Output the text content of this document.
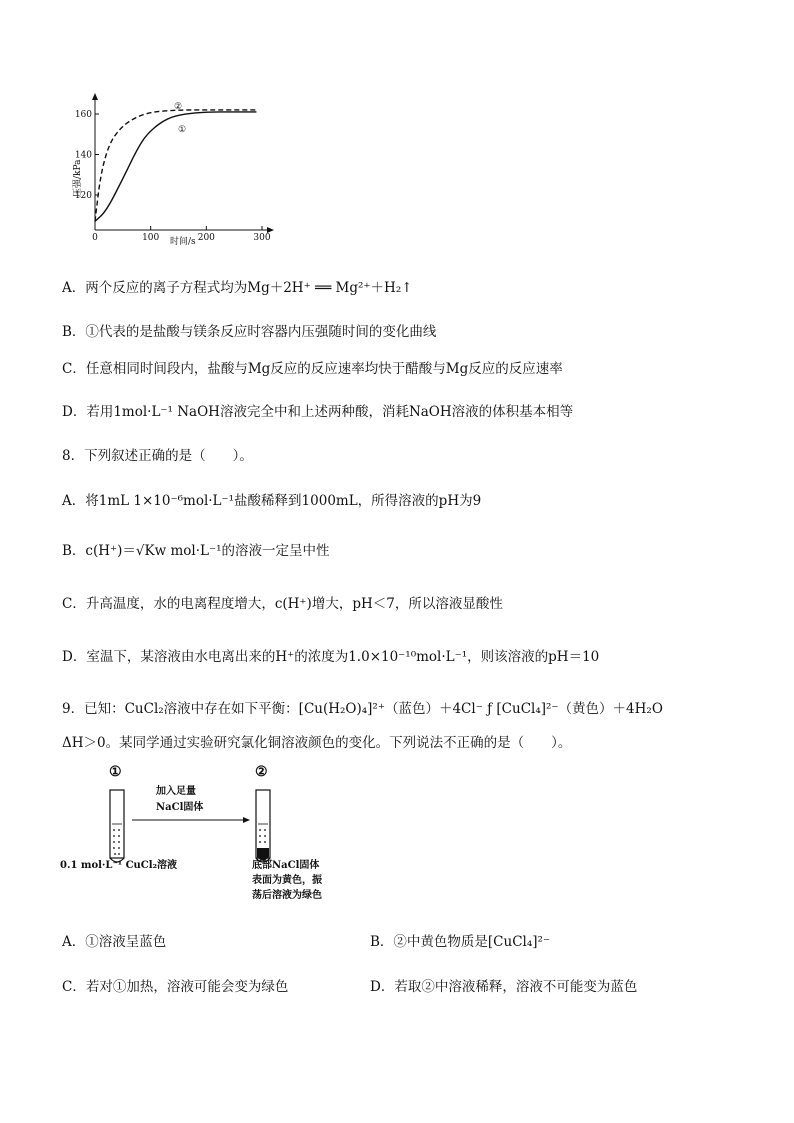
120
140
160
0	100	200	300
压强/kPa
时间/s
②
①
A．两个反应的离子方程式均为Mg＋2H⁺ ══ Mg²⁺＋H₂↑
B．①代表的是盐酸与镁条反应时容器内压强随时间的变化曲线
C．任意相同时间段内，盐酸与Mg反应的反应速率均快于醋酸与Mg反应的反应速率
D．若用1mol·L⁻¹ NaOH溶液完全中和上述两种酸，消耗NaOH溶液的体积基本相等
8．下列叙述正确的是（　　）。
A．将1mL 1×10⁻⁶mol·L⁻¹盐酸稀释到1000mL，所得溶液的pH为9
B．c(H⁺)＝√Kw mol·L⁻¹的溶液一定呈中性
C．升高温度，水的电离程度增大，c(H⁺)增大，pH＜7，所以溶液显酸性
D．室温下，某溶液由水电离出来的H⁺的浓度为1.0×10⁻¹⁰mol·L⁻¹，则该溶液的pH＝10
9．已知：CuCl₂溶液中存在如下平衡：[Cu(H₂O)₄]²⁺（蓝色）＋4Cl⁻ ƒ [CuCl₄]²⁻（黄色）＋4H₂O
ΔH＞0。某同学通过实验研究氯化铜溶液颜色的变化。下列说法不正确的是（　　）。
①	②
加入足量
NaCl固体
0.1 mol·L⁻¹ CuCl₂溶液	底部NaCl固体
表面为黄色，振
荡后溶液为绿色
A．①溶液呈蓝色	B．②中黄色物质是[CuCl₄]²⁻
C．若对①加热，溶液可能会变为绿色	D．若取②中溶液稀释，溶液不可能变为蓝色
